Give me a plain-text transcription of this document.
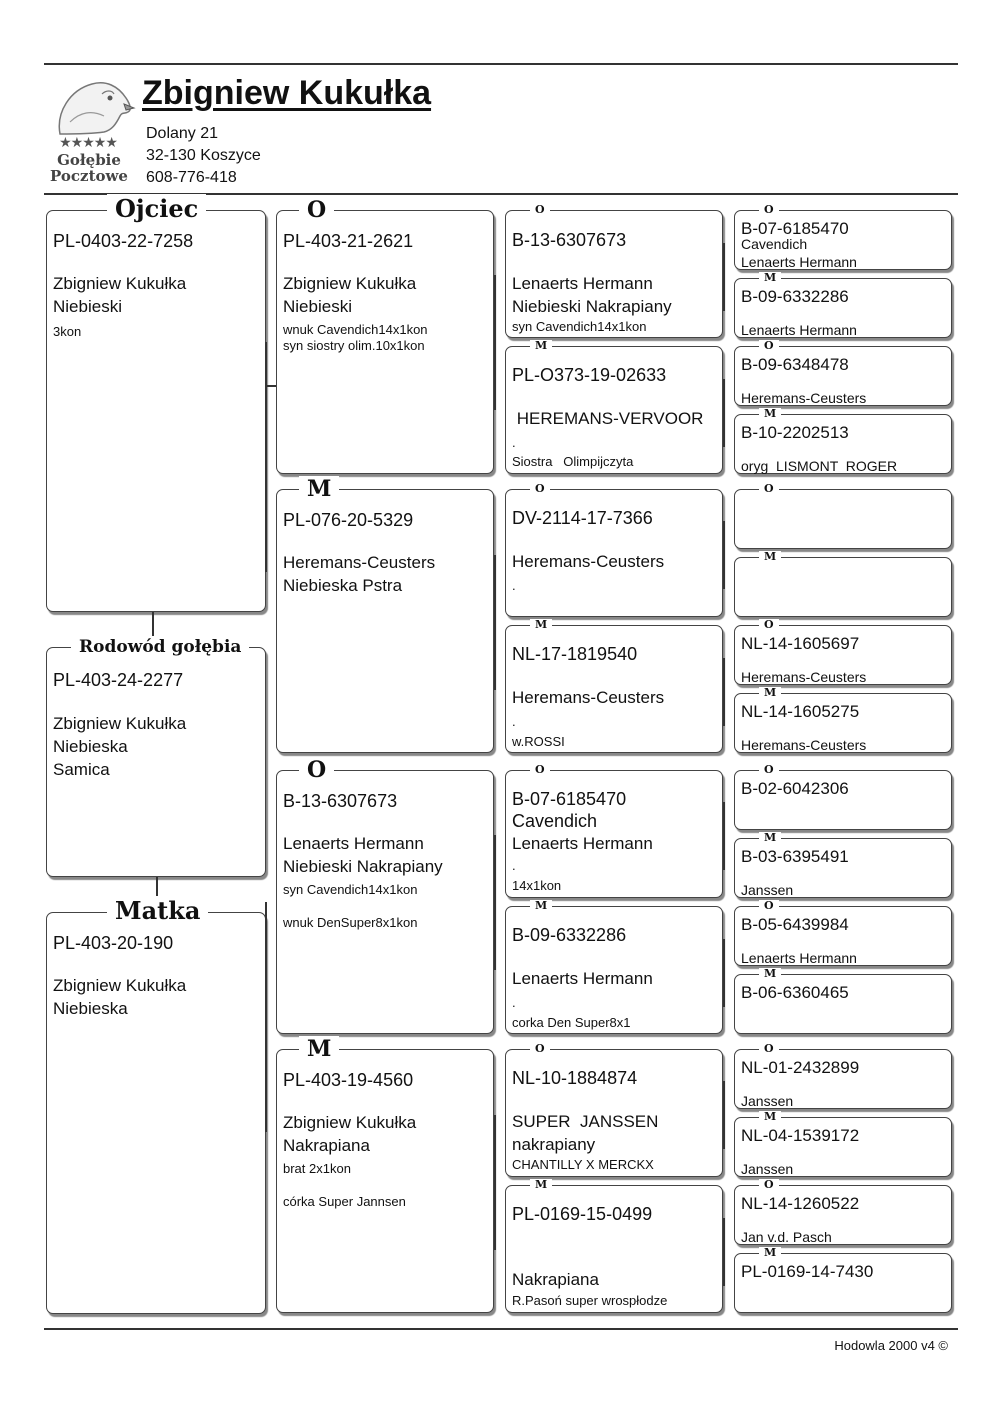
★★★★★
Gołębie
Pocztowe
Zbigniew Kukułka
Dolany 21
32-130 Koszyce
608-776-418
Ojciec
PL-0403-22-7258
Zbigniew Kukułka
Niebieski
3kon
Rodowód gołębia
PL-403-24-2277
Zbigniew Kukułka
Niebieska
Samica
Matka
PL-403-20-190
Zbigniew Kukułka
Niebieska
O
PL-403-21-2621
Zbigniew Kukułka
Niebieski
wnuk Cavendich14x1kon
syn siostry olim.10x1kon
M
PL-076-20-5329
Heremans-Ceusters
Niebieska Pstra
O
B-13-6307673
Lenaerts Hermann
Niebieski Nakrapiany
syn Cavendich14x1kon
wnuk DenSuper8x1kon
M
PL-403-19-4560
Zbigniew Kukułka
Nakrapiana
brat 2x1kon
córka Super Jannsen
O
B-13-6307673
Lenaerts Hermann
Niebieski Nakrapiany
syn Cavendich14x1kon
M
PL-O373-19-02633
HEREMANS-VERVOOR
.
Siostra   Olimpijczyta
O
DV-2114-17-7366
Heremans-Ceusters
.
M
NL-17-1819540
Heremans-Ceusters
.
w.ROSSI
O
B-07-6185470
Cavendich
Lenaerts Hermann
.
14x1kon
M
B-09-6332286
Lenaerts Hermann
.
corka Den Super8x1
O
NL-10-1884874
SUPER  JANSSEN
nakrapiany
CHANTILLY X MERCKX
M
PL-0169-15-0499
Nakrapiana
R.Pasoń super wrospłodze
O
B-07-6185470
Cavendich
Lenaerts Hermann
M
B-09-6332286
Lenaerts Hermann
O
B-09-6348478
Heremans-Ceusters
M
B-10-2202513
oryg  LISMONT  ROGER
O
M
O
NL-14-1605697
Heremans-Ceusters
M
NL-14-1605275
Heremans-Ceusters
O
B-02-6042306
M
B-03-6395491
Janssen
O
B-05-6439984
Lenaerts Hermann
M
B-06-6360465
O
NL-01-2432899
Janssen
M
NL-04-1539172
Janssen
O
NL-14-1260522
Jan v.d. Pasch
M
PL-0169-14-7430
Hodowla 2000 v4 ©
